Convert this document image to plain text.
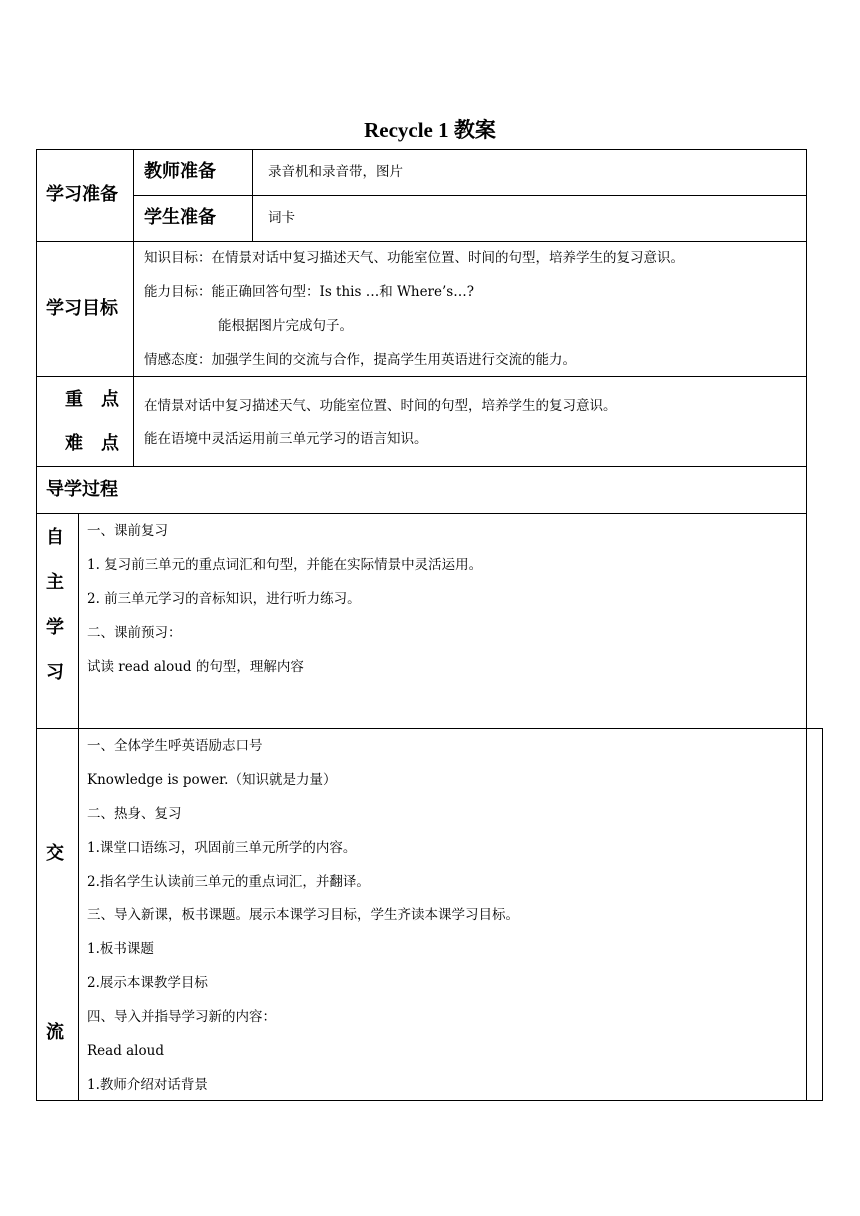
Recycle 1 教案
学习准备
教师准备	录音机和录音带，图片
学生准备	词卡
学习目标
知识目标：在情景对话中复习描述天气、功能室位置、时间的句型，培养学生的复习意识。
能力目标：能正确回答句型：Is this …和 Where’s…?
能根据图片完成句子。
情感态度：加强学生间的交流与合作，提高学生用英语进行交流的能力。
重　点
难　点
在情景对话中复习描述天气、功能室位置、时间的句型，培养学生的复习意识。
能在语境中灵活运用前三单元学习的语言知识。
导学过程
自
主
学
习
一、课前复习
1. 复习前三单元的重点词汇和句型，并能在实际情景中灵活运用。
2. 前三单元学习的音标知识，进行听力练习。
二、课前预习：
试读 read aloud 的句型，理解内容
交
流
一、全体学生呼英语励志口号
Knowledge is power.（知识就是力量）
二、热身、复习
1.课堂口语练习，巩固前三单元所学的内容。
2.指名学生认读前三单元的重点词汇，并翻译。
三、导入新课，板书课题。展示本课学习目标，学生齐读本课学习目标。
1.板书课题
2.展示本课教学目标
四、导入并指导学习新的内容：
Read aloud
1.教师介绍对话背景
